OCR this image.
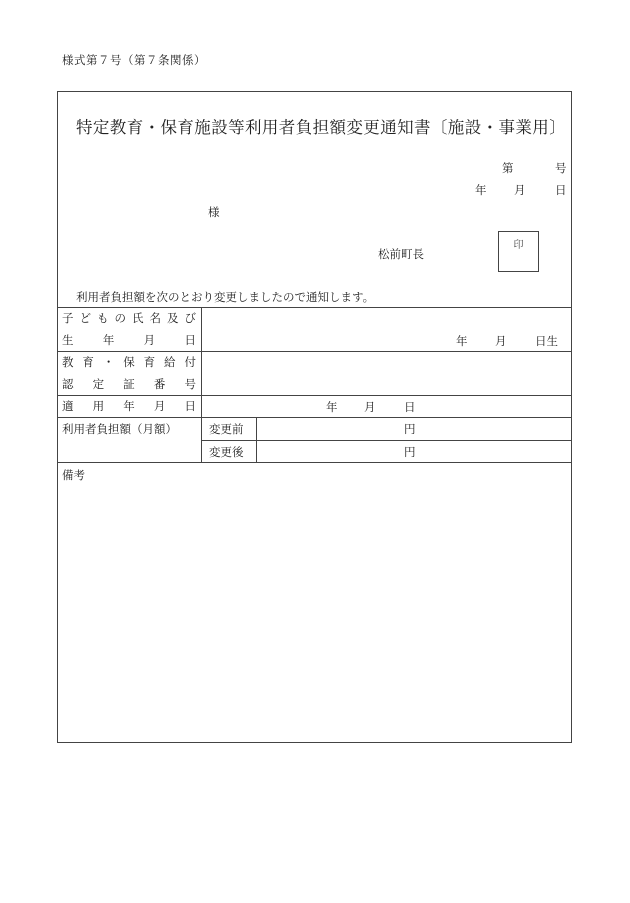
様式第７号（第７条関係）
特定教育・保育施設等利用者負担額変更通知書〔施設・事業用〕
第	号
年 月	日
様
松前町長
印
利用者負担額を次のとおり変更しましたので通知します。
子 ど も の 氏 名 及 び
生	年	月	日	年 月 日生
教 育 ・ 保 育 給 付
認 定 証 番 号
適 用 年 月 日	年 月 日
利用者負担額（月額）	変更前	円
変更後	円
備考
